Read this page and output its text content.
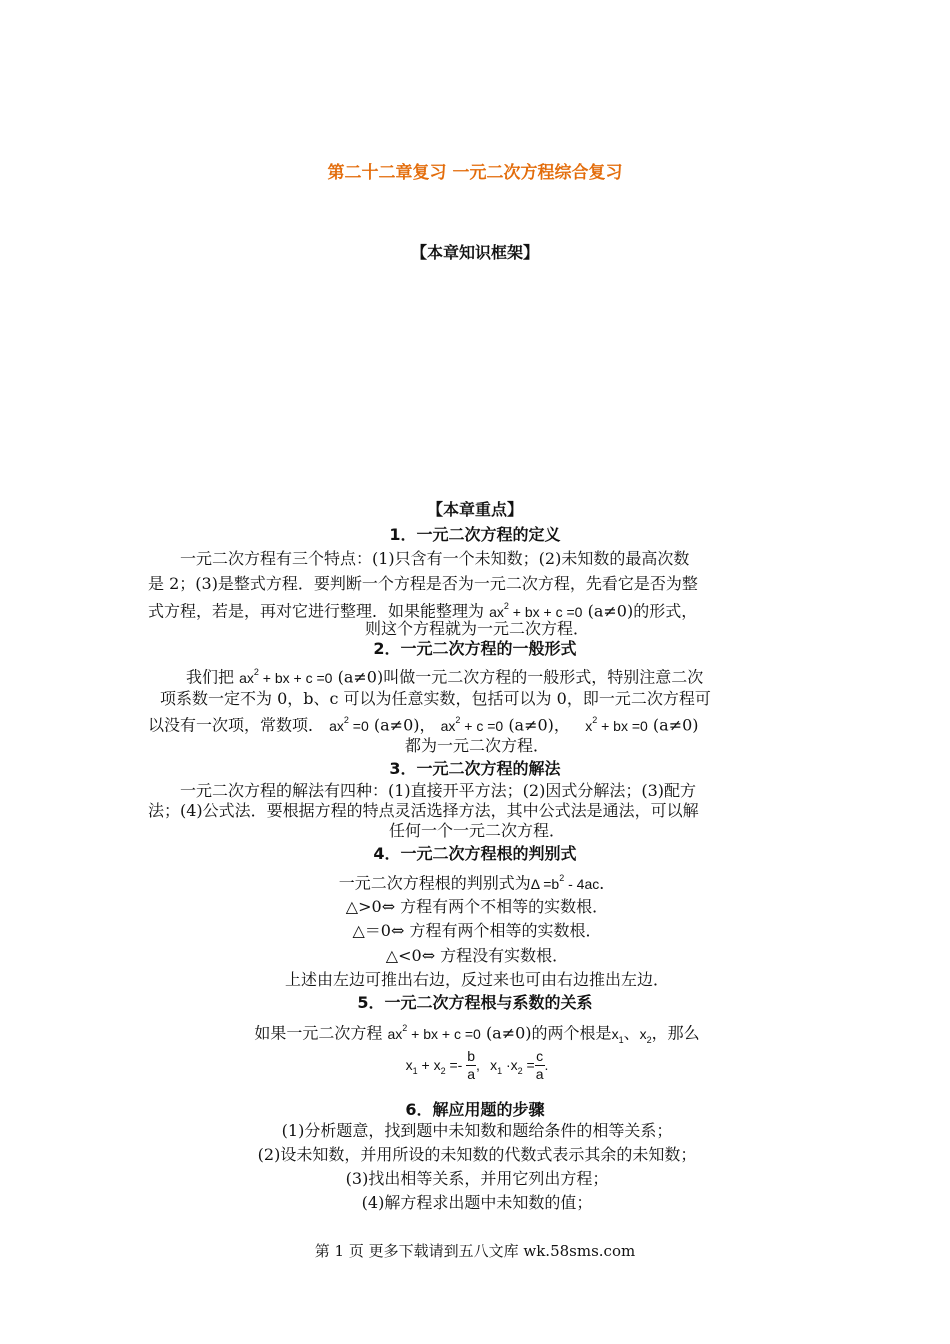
第二十二章复习 一元二次方程综合复习
【本章知识框架】
【本章重点】
1．一元二次方程的定义
一元二次方程有三个特点：(1)只含有一个未知数；(2)未知数的最高次数
是 2；(3)是整式方程．要判断一个方程是否为一元二次方程，先看它是否为整
式方程，若是，再对它进行整理．如果能整理为 $ax^2$ + bx + c =0 (a≠0)的形式，
则这个方程就为一元二次方程．
2．一元二次方程的一般形式
我们把 $ax^2$ + bx + c =0 (a≠0)叫做一元二次方程的一般形式，特别注意二次
项系数一定不为 0，b、c 可以为任意实数，包括可以为 0，即一元二次方程可
以没有一次项，常数项． $ax^2 =0$ (a≠0)， $ax^2 + c =0$ (a≠0)， $x^2$ + bx =0 (a≠0)
都为一元二次方程．
3．一元二次方程的解法
一元二次方程的解法有四种：(1)直接开平方法；(2)因式分解法；(3)配方
法；(4)公式法．要根据方程的特点灵活选择方法，其中公式法是通法，可以解
任何一个一元二次方程．
4．一元二次方程根的判别式
一元二次方程根的判别式为$\Delta =b^2 - 4ac$．
△>0⇔ 方程有两个不相等的实数根．
△＝0⇔ 方程有两个相等的实数根．
△<0⇔ 方程没有实数根．
上述由左边可推出右边，反过来也可由右边推出左边．
5．一元二次方程根与系数的关系
如果一元二次方程 $ax^2$ + bx + c =0 (a≠0)的两个根是$x_1$、$x_2$，那么
$x_1 + x_2 =- \frac{b}{a}$ , $x_1 \cdot x_2 = \frac{c}{a}$ .
6．解应用题的步骤
(1)分析题意，找到题中未知数和题给条件的相等关系；
(2)设未知数，并用所设的未知数的代数式表示其余的未知数；
(3)找出相等关系，并用它列出方程；
(4)解方程求出题中未知数的值；
第 1 页 更多下载请到五八文库 wk.58sms.com
